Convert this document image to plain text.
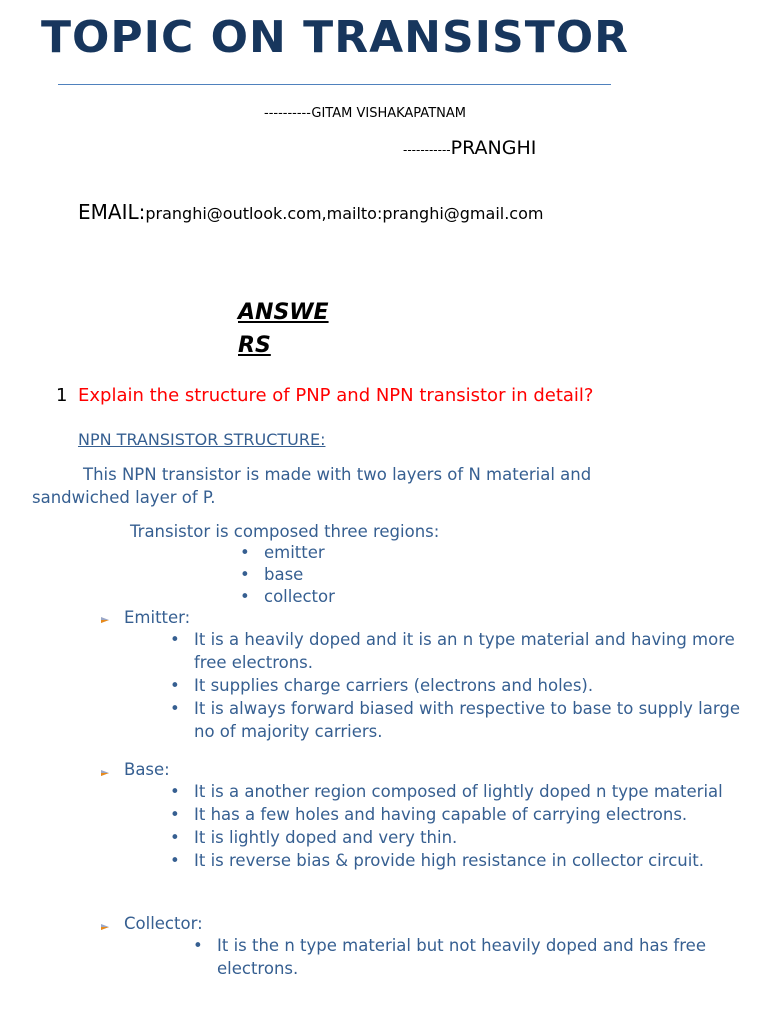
TOPIC ON TRANSISTOR
----------GITAM VISHAKAPATNAM
-----------PRANGHI
EMAIL:pranghi@outlook.com,mailto:pranghi@gmail.com
ANSWERS
1 Explain the structure of PNP and NPN transistor in detail?
NPN TRANSISTOR STRUCTURE:
This NPN transistor is made with two layers of N material and sandwiched layer of P.
Transistor is composed three regions:
• emitter
• base
• collector
Emitter:
• It is a heavily doped and it is an n type material and having more free electrons.
• It supplies charge carriers (electrons and holes).
• It is always forward biased with respective to base to supply large no of majority carriers.
Base:
• It is a another region composed of lightly doped n type material
• It has a few holes and having capable of carrying electrons.
• It is lightly doped and very thin.
• It is reverse bias & provide high resistance in collector circuit.
Collector:
• It is the n type material but not heavily doped and has free electrons.
